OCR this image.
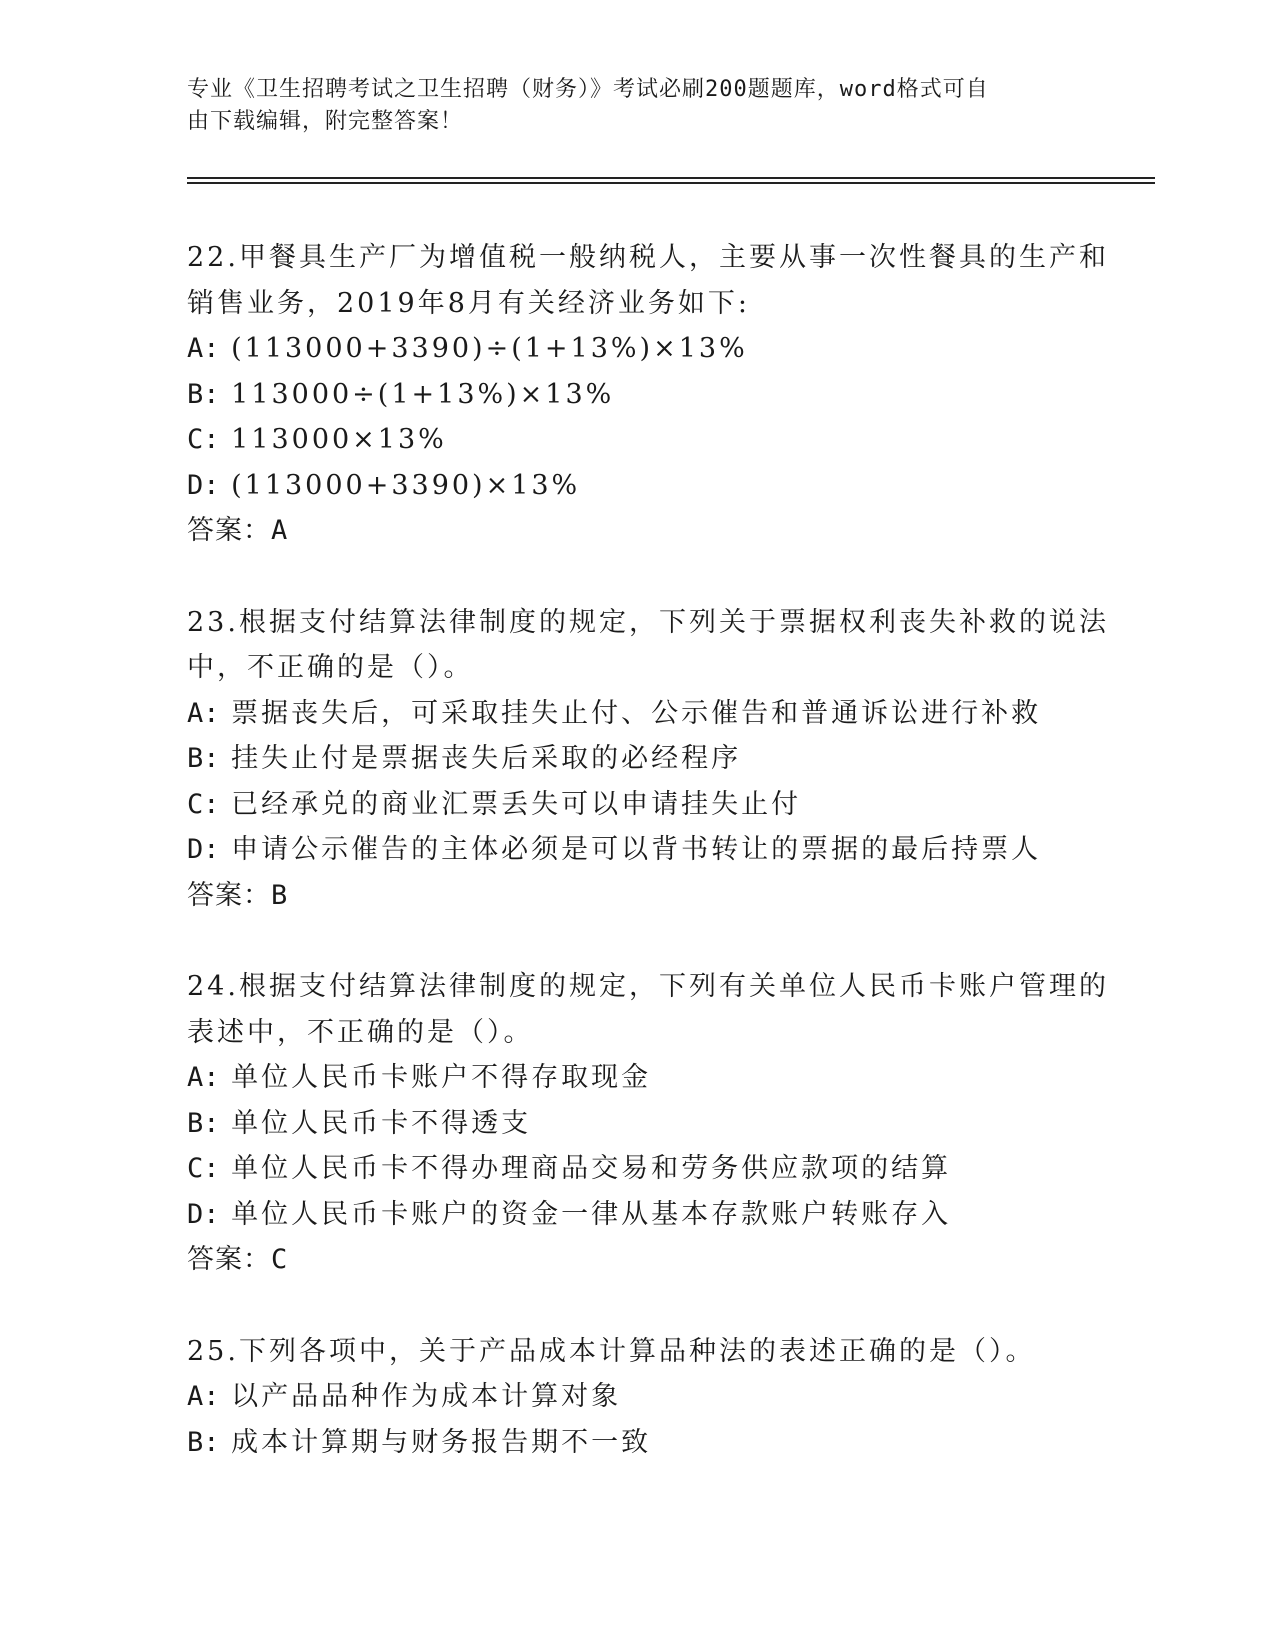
专业《卫生招聘考试之卫生招聘（财务）》考试必刷200题题库，word格式可自
由下载编辑，附完整答案！
22.甲餐具生产厂为增值税一般纳税人，主要从事一次性餐具的生产和
销售业务，2019年8月有关经济业务如下:
A: (113000+3390)÷(1+13%)×13%
B: 113000÷(1+13%)×13%
C: 113000×13%
D: (113000+3390)×13%
答案：A
23.根据支付结算法律制度的规定，下列关于票据权利丧失补救的说法
中，不正确的是（）。
A: 票据丧失后，可采取挂失止付、公示催告和普通诉讼进行补救
B: 挂失止付是票据丧失后采取的必经程序
C: 已经承兑的商业汇票丢失可以申请挂失止付
D: 申请公示催告的主体必须是可以背书转让的票据的最后持票人
答案：B
24.根据支付结算法律制度的规定，下列有关单位人民币卡账户管理的
表述中，不正确的是（）。
A: 单位人民币卡账户不得存取现金
B: 单位人民币卡不得透支
C: 单位人民币卡不得办理商品交易和劳务供应款项的结算
D: 单位人民币卡账户的资金一律从基本存款账户转账存入
答案：C
25.下列各项中，关于产品成本计算品种法的表述正确的是（）。
A: 以产品品种作为成本计算对象
B: 成本计算期与财务报告期不一致
